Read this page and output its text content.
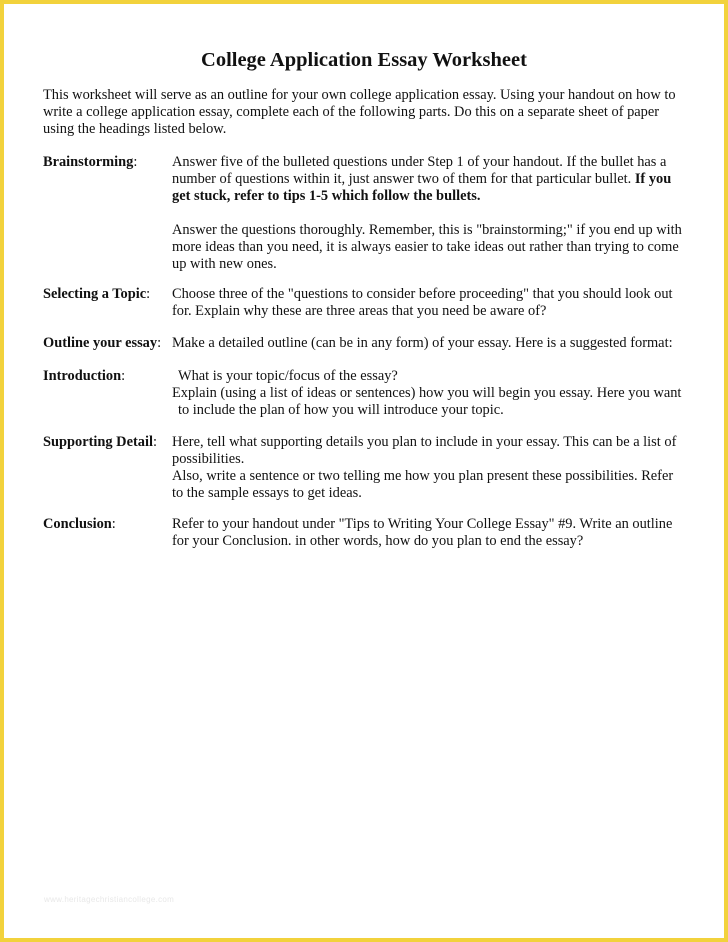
College Application Essay Worksheet
This worksheet will serve as an outline for your own college application essay. Using your handout on how to
write a college application essay, complete each of the following parts. Do this on a separate sheet of paper
using the headings listed below.
Brainstorming: Answer five of the bulleted questions under Step 1 of your handout. If the bullet has a
number of questions within it, just answer two of them for that particular bullet. If you
get stuck, refer to tips 1-5 which follow the bullets.
Answer the questions thoroughly. Remember, this is "brainstorming;" if you end up with
more ideas than you need, it is always easier to take ideas out rather than trying to come
up with new ones.
Selecting a Topic: Choose three of the "questions to consider before proceeding" that you should look out
for. Explain why these are three areas that you need be aware of?
Outline your essay: Make a detailed outline (can be in any form) of your essay. Here is a suggested format:
Introduction:	What is your topic/focus of the essay?
Explain (using a list of ideas or sentences) how you will begin you essay. Here you want
to include the plan of how you will introduce your topic.
Supporting Detail: Here, tell what supporting details you plan to include in your essay. This can be a list of
possibilities.
Also, write a sentence or two telling me how you plan present these possibilities. Refer
to the sample essays to get ideas.
Conclusion:	Refer to your handout under "Tips to Writing Your College Essay" #9. Write an outline
for your Conclusion. in other words, how do you plan to end the essay?
www.heritagechristiancollege.com
